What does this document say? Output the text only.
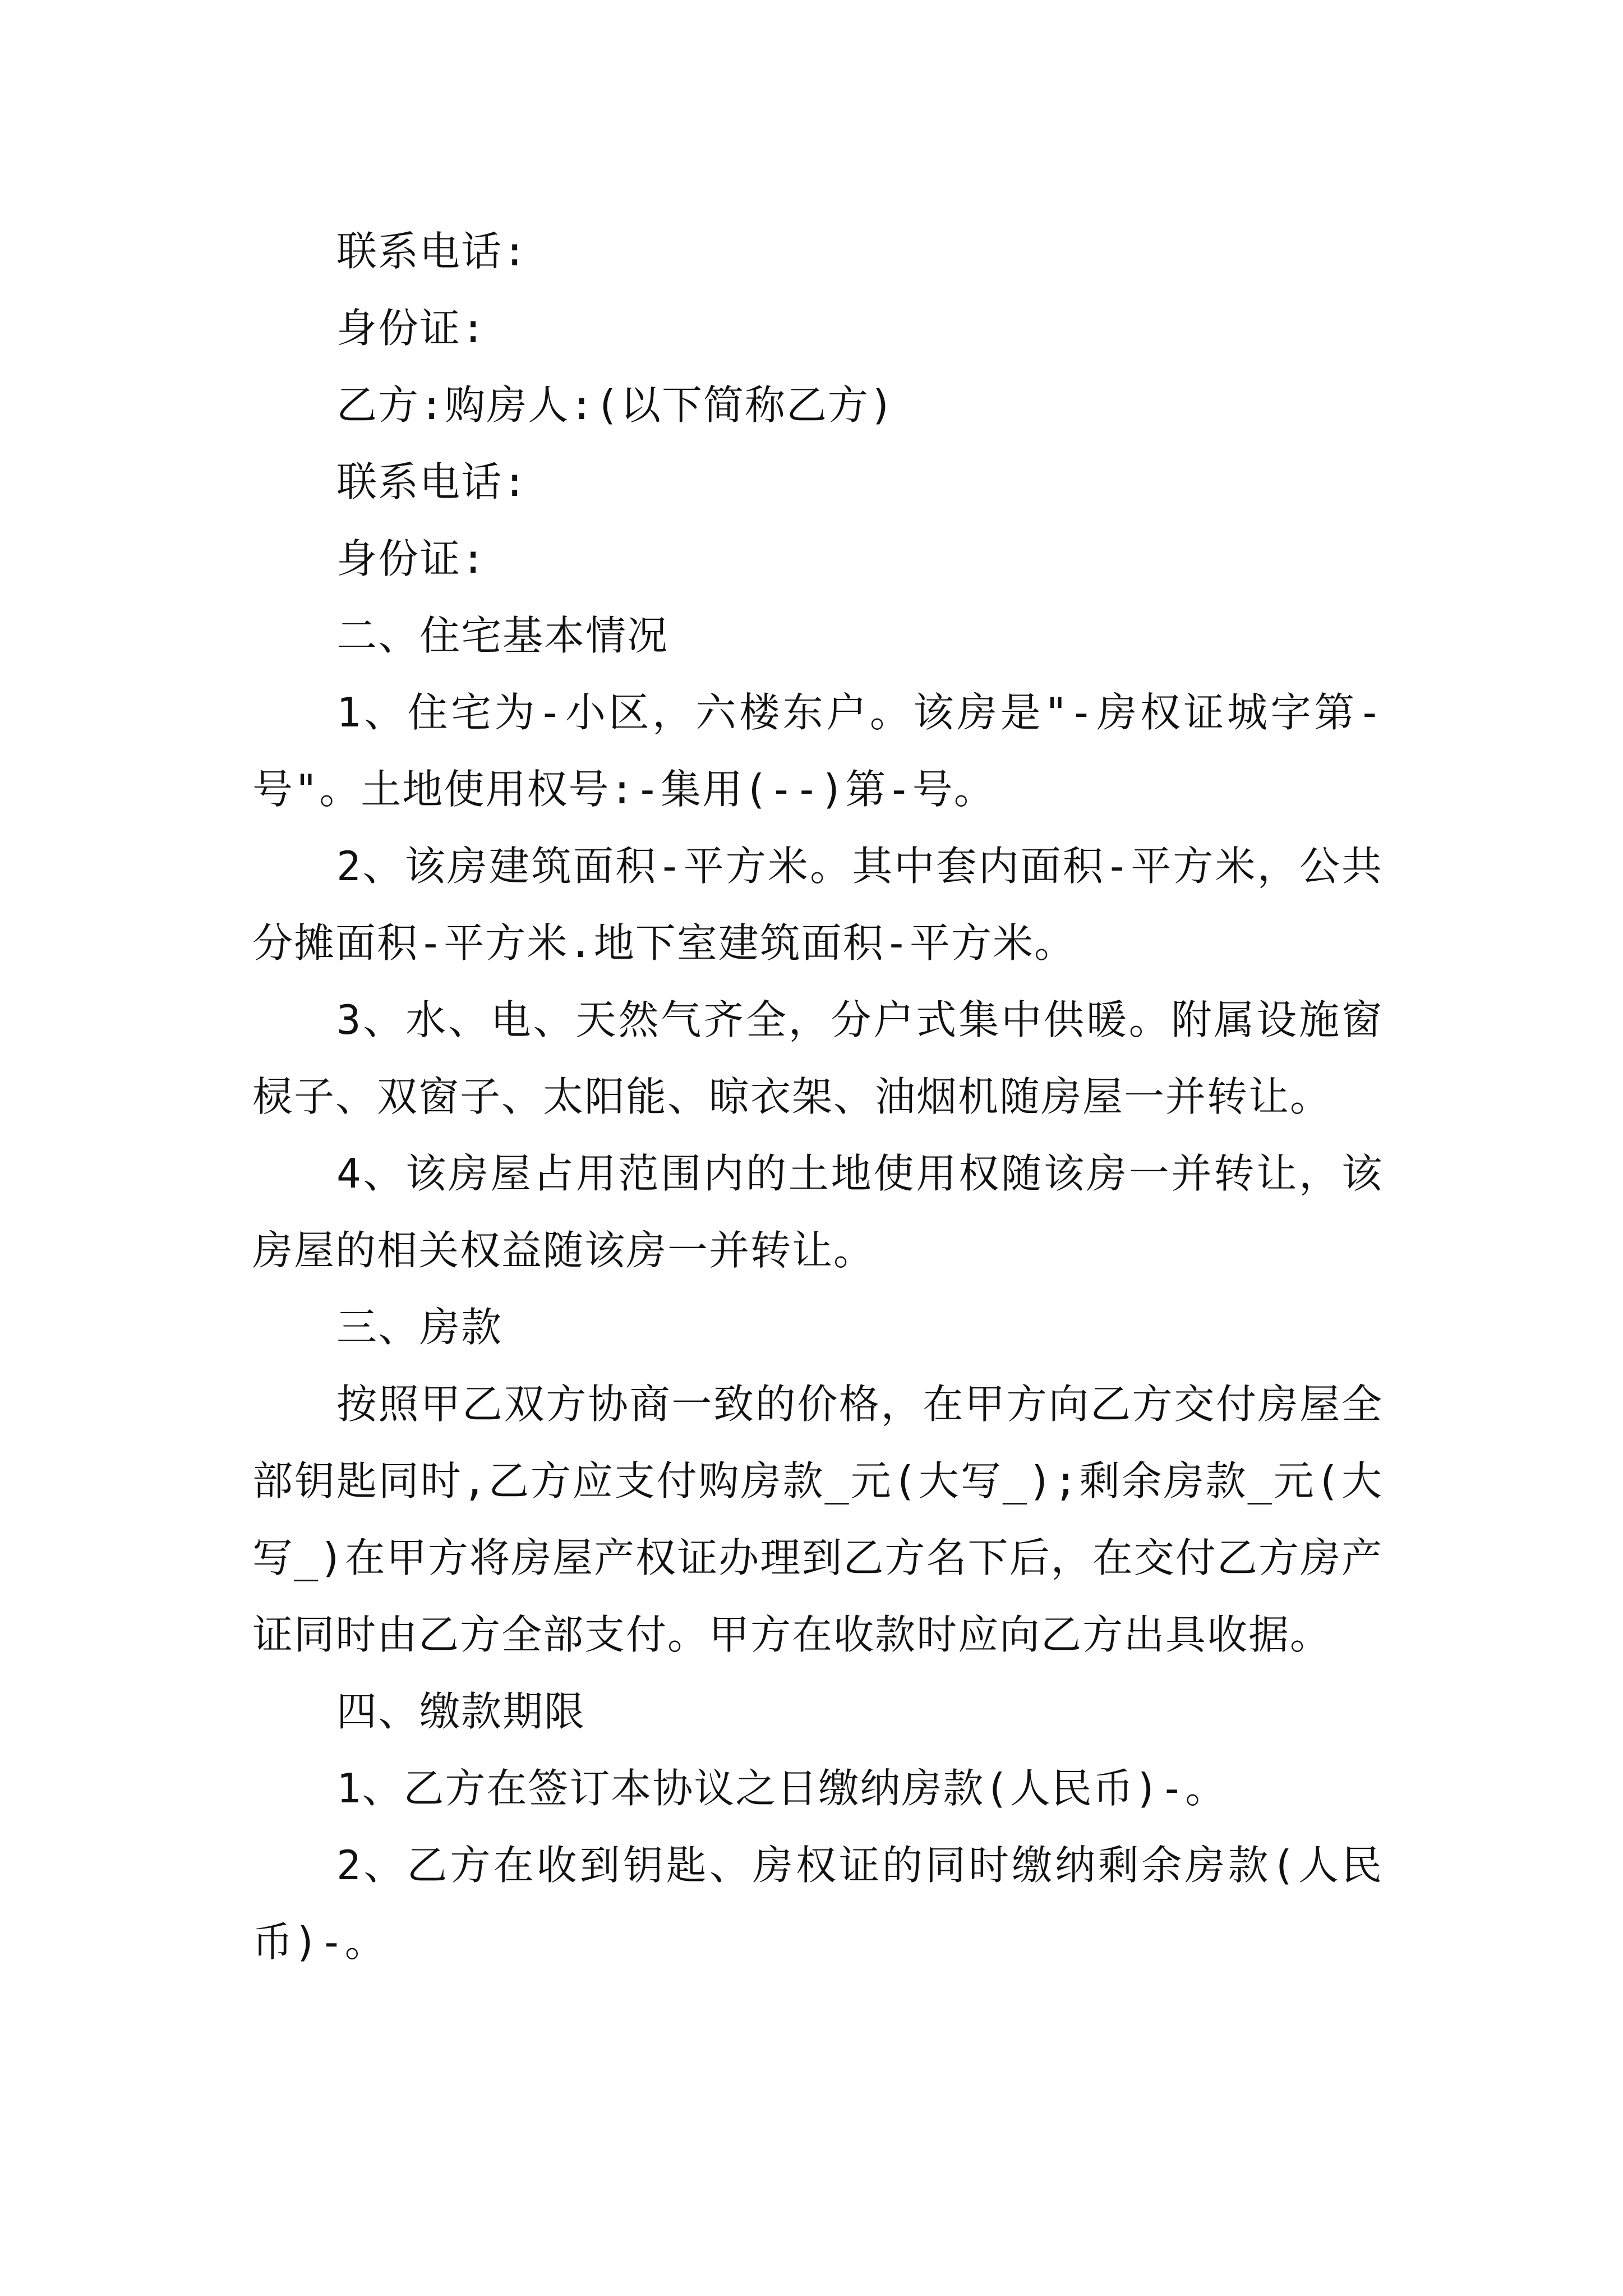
联系电话:

身份证:

乙方:购房人:(以下简称乙方)

联系电话:

身份证:

二、住宅基本情况

1、住宅为-小区，六楼东户。该房是"-房权证城字第-号"。土地使用权号:-集用(--)第-号。

2、该房建筑面积-平方米。其中套内面积-平方米，公共分摊面积-平方米.地下室建筑面积-平方米。

3、水、电、天然气齐全，分户式集中供暖。附属设施窗棂子、双窗子、太阳能、晾衣架、油烟机随房屋一并转让。

4、该房屋占用范围内的土地使用权随该房一并转让，该房屋的相关权益随该房一并转让。

三、房款

按照甲乙双方协商一致的价格，在甲方向乙方交付房屋全部钥匙同时,乙方应支付购房款_元(大写_);剩余房款_元(大写_)在甲方将房屋产权证办理到乙方名下后，在交付乙方房产证同时由乙方全部支付。甲方在收款时应向乙方出具收据。

四、缴款期限

1、乙方在签订本协议之日缴纳房款(人民币)-。

2、乙方在收到钥匙、房权证的同时缴纳剩余房款(人民币)-。
